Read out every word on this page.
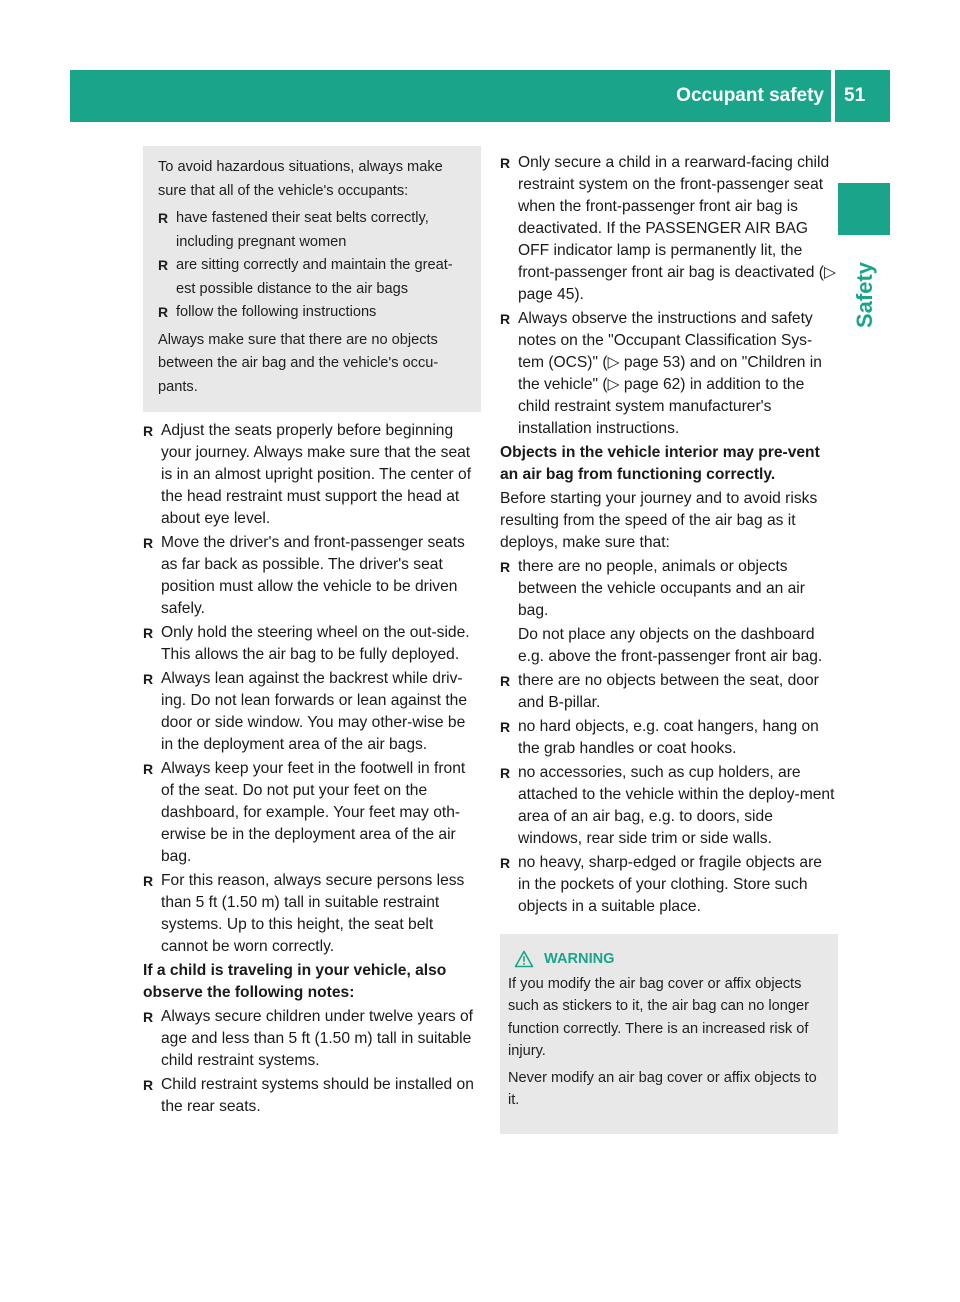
Occupant safety 51
Safety

To avoid hazardous situations, always make sure that all of the vehicle's occupants:

R have fastened their seat belts correctly, including pregnant women
R are sitting correctly and maintain the great-est possible distance to the air bags
R follow the following instructions

Always make sure that there are no objects between the air bag and the vehicle's occu-pants.

R Adjust the seats properly before beginning your journey. Always make sure that the seat is in an almost upright position. The center of the head restraint must support the head at about eye level.
R Move the driver's and front-passenger seats as far back as possible. The driver's seat position must allow the vehicle to be driven safely.
R Only hold the steering wheel on the out-side. This allows the air bag to be fully deployed.
R Always lean against the backrest while driv-ing. Do not lean forwards or lean against the door or side window. You may other-wise be in the deployment area of the air bags.
R Always keep your feet in the footwell in front of the seat. Do not put your feet on the dashboard, for example. Your feet may oth-erwise be in the deployment area of the air bag.
R For this reason, always secure persons less than 5 ft (1.50 m) tall in suitable restraint systems. Up to this height, the seat belt cannot be worn correctly.
If a child is traveling in your vehicle, also observe the following notes:
R Always secure children under twelve years of age and less than 5 ft (1.50 m) tall in suitable child restraint systems.
R Child restraint systems should be installed on the rear seats.
R Only secure a child in a rearward-facing child restraint system on the front-passenger seat when the front-passenger front air bag is deactivated. If the PASSENGER AIR BAG OFF indicator lamp is permanently lit, the front-passenger front air bag is deactivated (▷ page 45).
R Always observe the instructions and safety notes on the "Occupant Classification Sys-tem (OCS)" (▷ page 53) and on "Children in the vehicle" (▷ page 62) in addition to the child restraint system manufacturer's installation instructions.
Objects in the vehicle interior may pre-vent an air bag from functioning correctly.

Before starting your journey and to avoid risks resulting from the speed of the air bag as it deploys, make sure that:

R there are no people, animals or objects between the vehicle occupants and an air bag.
Do not place any objects on the dashboard e.g. above the front-passenger front air bag.
R there are no objects between the seat, door and B-pillar.
R no hard objects, e.g. coat hangers, hang on the grab handles or coat hooks.
R no accessories, such as cup holders, are attached to the vehicle within the deploy-ment area of an air bag, e.g. to doors, side windows, rear side trim or side walls.
R no heavy, sharp-edged or fragile objects are in the pockets of your clothing. Store such objects in a suitable place.
WARNING

If you modify the air bag cover or affix objects such as stickers to it, the air bag can no longer function correctly. There is an increased risk of injury.

Never modify an air bag cover or affix objects to it.
